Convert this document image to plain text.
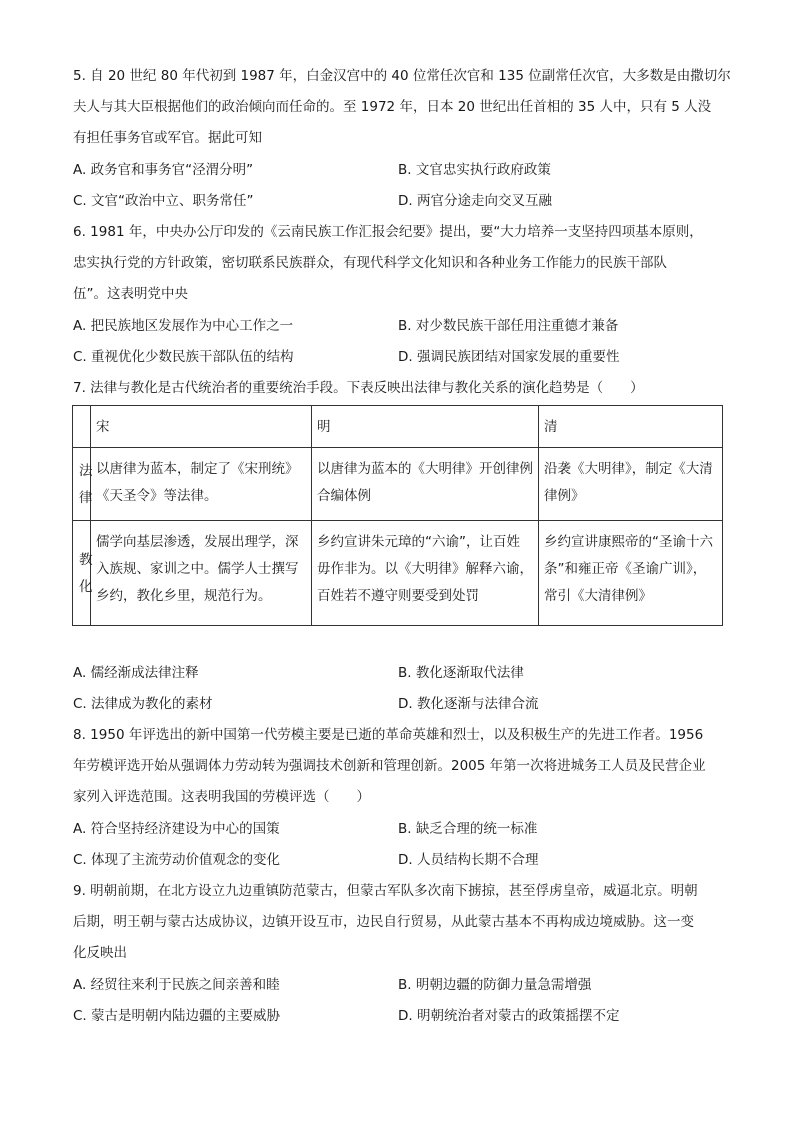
5. 自 20 世纪 80 年代初到 1987 年，白金汉宫中的 40 位常任次官和 135 位副常任次官，大多数是由撒切尔
夫人与其大臣根据他们的政治倾向而任命的。至 1972 年，日本 20 世纪出任首相的 35 人中，只有 5 人没
有担任事务官或军官。据此可知
A. 政务官和事务官“泾渭分明”	B. 文官忠实执行政府政策
C. 文官“政治中立、职务常任”	D. 两官分途走向交叉互融
6. 1981 年，中央办公厅印发的《云南民族工作汇报会纪要》提出，要“大力培养一支坚持四项基本原则，
忠实执行党的方针政策，密切联系民族群众，有现代科学文化知识和各种业务工作能力的民族干部队
伍”。这表明党中央
A. 把民族地区发展作为中心工作之一	B. 对少数民族干部任用注重德才兼备
C. 重视优化少数民族干部队伍的结构	D. 强调民族团结对国家发展的重要性
7. 法律与教化是古代统治者的重要统治手段。下表反映出法律与教化关系的演化趋势是（　　）

	宋	明	清

法
律	以唐律为蓝本，制定了《宋刑统》《天圣令》等法律。	以唐律为蓝本的《大明律》开创律例合编体例	沿袭《大明律》，制定《大清律例》

教
化	儒学向基层渗透，发展出理学，深入族规、家训之中。儒学人士撰写乡约，教化乡里，规范行为。	乡约宣讲朱元璋的“六谕”，让百姓毋作非为。以《大明律》解释六谕，百姓若不遵守则要受到处罚	乡约宣讲康熙帝的“圣谕十六条”和雍正帝《圣谕广训》，常引《大清律例》
A. 儒经渐成法律注释	B. 教化逐渐取代法律
C. 法律成为教化的素材	D. 教化逐渐与法律合流
8. 1950 年评选出的新中国第一代劳模主要是已逝的革命英雄和烈士，以及积极生产的先进工作者。1956
年劳模评选开始从强调体力劳动转为强调技术创新和管理创新。2005 年第一次将进城务工人员及民营企业
家列入评选范围。这表明我国的劳模评选（　　）
A. 符合坚持经济建设为中心的国策	B. 缺乏合理的统一标准
C. 体现了主流劳动价值观念的变化	D. 人员结构长期不合理
9. 明朝前期，在北方设立九边重镇防范蒙古，但蒙古军队多次南下掳掠，甚至俘虏皇帝，威逼北京。明朝
后期，明王朝与蒙古达成协议，边镇开设互市，边民自行贸易，从此蒙古基本不再构成边境威胁。这一变
化反映出
A. 经贸往来利于民族之间亲善和睦	B. 明朝边疆的防御力量急需增强
C. 蒙古是明朝内陆边疆的主要威胁	D. 明朝统治者对蒙古的政策摇摆不定
